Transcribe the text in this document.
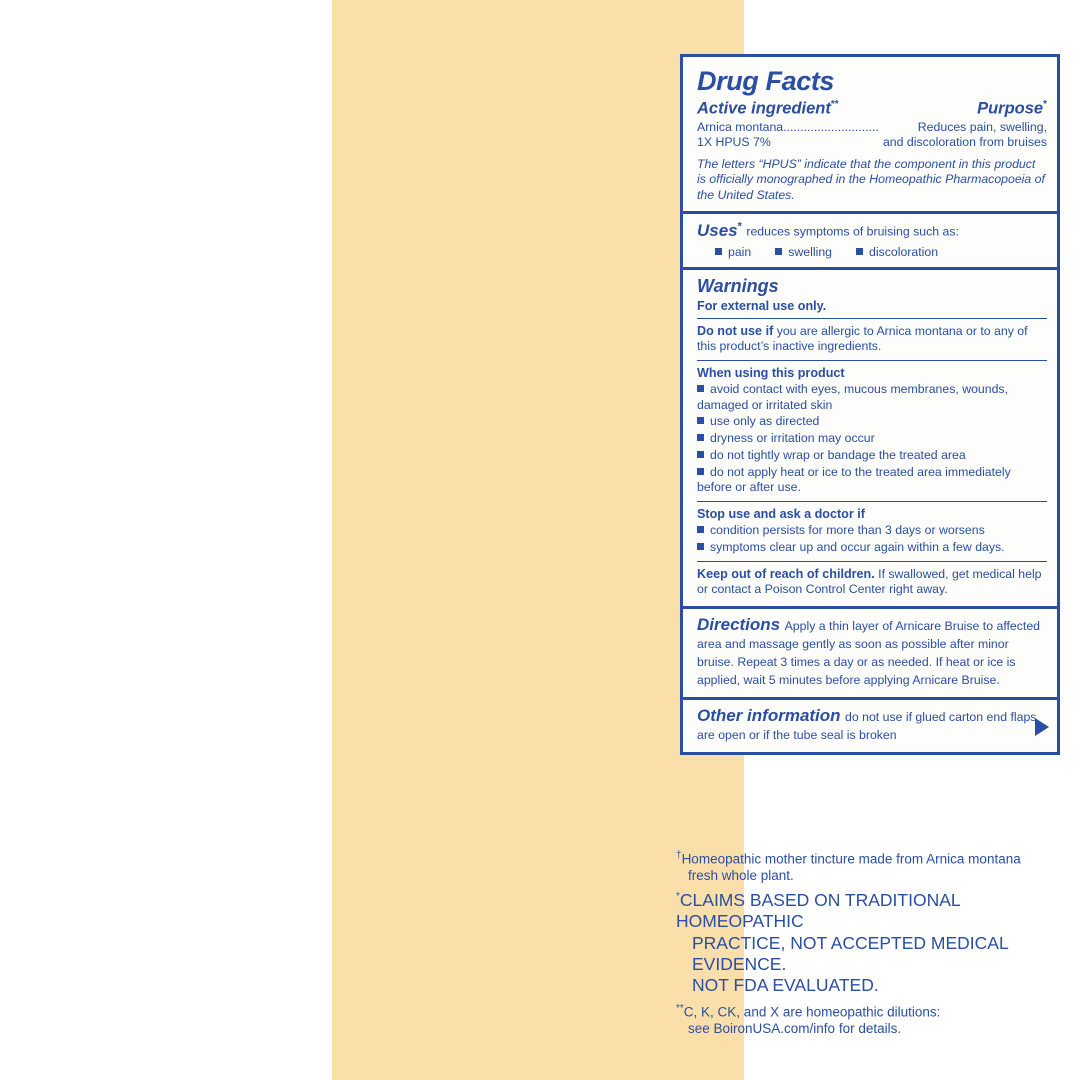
Drug Facts
Active ingredient**	Purpose*
Arnica montana............................	Reduces pain, swelling,
1X HPUS 7%	and discoloration from bruises
The letters “HPUS” indicate that the component in this product is officially monographed in the Homeopathic Pharmacopoeia of the United States.
Uses* reduces symptoms of bruising such as:
pain	swelling	discoloration
Warnings
For external use only.
Do not use if you are allergic to Arnica montana or to any of this product’s inactive ingredients.
When using this product
avoid contact with eyes, mucous membranes, wounds, damaged or irritated skin
use only as directed
dryness or irritation may occur
do not tightly wrap or bandage the treated area
do not apply heat or ice to the treated area immediately before or after use.
Stop use and ask a doctor if
condition persists for more than 3 days or worsens
symptoms clear up and occur again within a few days.
Keep out of reach of children. If swallowed, get medical help or contact a Poison Control Center right away.
Directions Apply a thin layer of Arnicare Bruise to affected area and massage gently as soon as possible after minor bruise. Repeat 3 times a day or as needed. If heat or ice is applied, wait 5 minutes before applying Arnicare Bruise.
Other information do not use if glued carton end flaps are open or if the tube seal is broken
†Homeopathic mother tincture made from Arnica montana
fresh whole plant.
*CLAIMS BASED ON TRADITIONAL HOMEOPATHIC
PRACTICE, NOT ACCEPTED MEDICAL EVIDENCE.
NOT FDA EVALUATED.
**C, K, CK, and X are homeopathic dilutions:
see BoironUSA.com/info for details.
